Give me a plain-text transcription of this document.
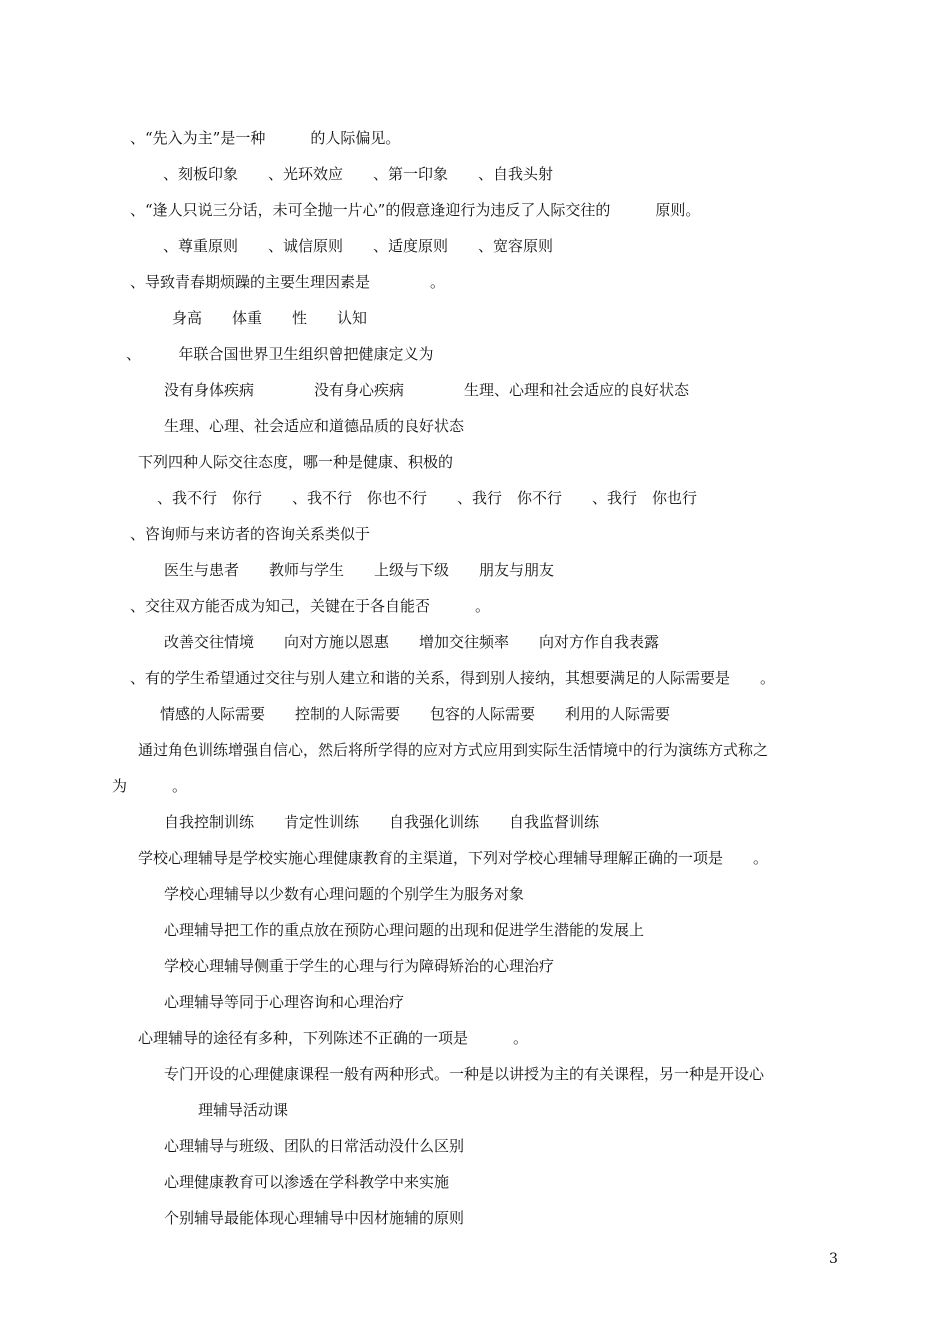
、“先入为主”是一种　　　的人际偏见。
、刻板印象　　、光环效应　　、第一印象　　、自我头射
、“逢人只说三分话，未可全抛一片心”的假意逢迎行为违反了人际交往的　　　原则。
、尊重原则　　、诚信原则　　、适度原则　　、宽容原则
、导致青春期烦躁的主要生理因素是　　　　。
身高　　体重　　性　　认知
、　　　年联合国世界卫生组织曾把健康定义为
没有身体疾病　　　　没有身心疾病　　　　生理、心理和社会适应的良好状态
生理、心理、社会适应和道德品质的良好状态
下列四种人际交往态度，哪一种是健康、积极的
、我不行　你行　　、我不行　你也不行　　、我行　你不行　　、我行　你也行
、咨询师与来访者的咨询关系类似于
医生与患者　　教师与学生　　上级与下级　　朋友与朋友
、交往双方能否成为知己，关键在于各自能否　　　。
改善交往情境　　向对方施以恩惠　　增加交往频率　　向对方作自我表露
、有的学生希望通过交往与别人建立和谐的关系，得到别人接纳，其想要满足的人际需要是　　。
情感的人际需要　　控制的人际需要　　包容的人际需要　　利用的人际需要
通过角色训练增强自信心，然后将所学得的应对方式应用到实际生活情境中的行为演练方式称之
为　　　。
自我控制训练　　肯定性训练　　自我强化训练　　自我监督训练
学校心理辅导是学校实施心理健康教育的主渠道，下列对学校心理辅导理解正确的一项是　　。
学校心理辅导以少数有心理问题的个别学生为服务对象
心理辅导把工作的重点放在预防心理问题的出现和促进学生潜能的发展上
学校心理辅导侧重于学生的心理与行为障碍矫治的心理治疗
心理辅导等同于心理咨询和心理治疗
心理辅导的途径有多种，下列陈述不正确的一项是　　　。
专门开设的心理健康课程一般有两种形式。一种是以讲授为主的有关课程，另一种是开设心
理辅导活动课
心理辅导与班级、团队的日常活动没什么区别
心理健康教育可以渗透在学科教学中来实施
个别辅导最能体现心理辅导中因材施辅的原则
3
